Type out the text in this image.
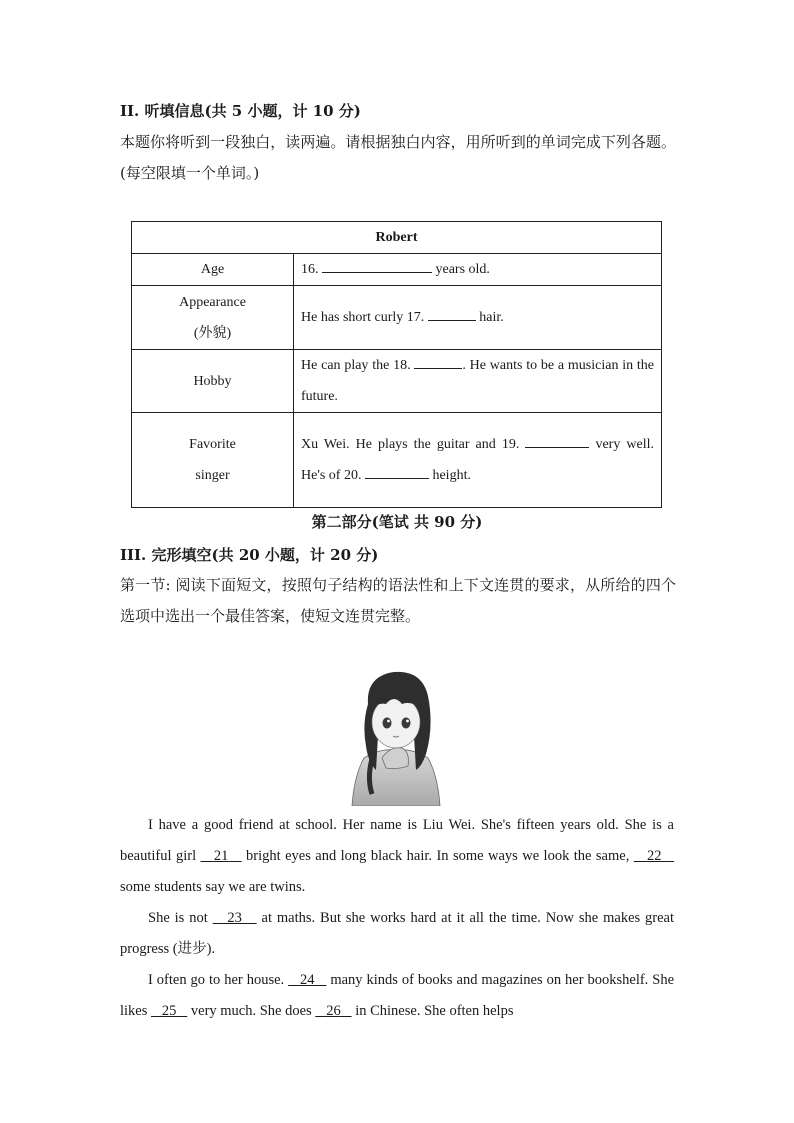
II. 听填信息(共 5 小题，计 10 分)
本题你将听到一段独白，读两遍。请根据独白内容，用所听到的单词完成下列各题。(每空限填一个单词。)
Robert	
Age	16. years old.

Appearance
(外貌)	He has short curly 17. hair.
Hobby	He can play the 18. . He wants to be a musician in the future.

Favorite
singer	Xu Wei. He plays the guitar and 19. very well. He's of 20. height.
第二部分(笔试 共 90 分)
III. 完形填空(共 20 小题，计 20 分)
第一节: 阅读下面短文，按照句子结构的语法性和上下文连贯的要求，从所给的四个选项中选出一个最佳答案，使短文连贯完整。

I have a good friend at school. Her name is Liu Wei. She's fifteen years old. She is a beautiful girl    21    bright eyes and long black hair. In some ways we look the same,    22    some students say we are twins.

She is not    23    at maths. But she works hard at it all the time. Now she makes great progress (进步).

I often go to her house.    24    many kinds of books and magazines on her bookshelf. She likes    25    very much. She does    26    in Chinese. She often helps
